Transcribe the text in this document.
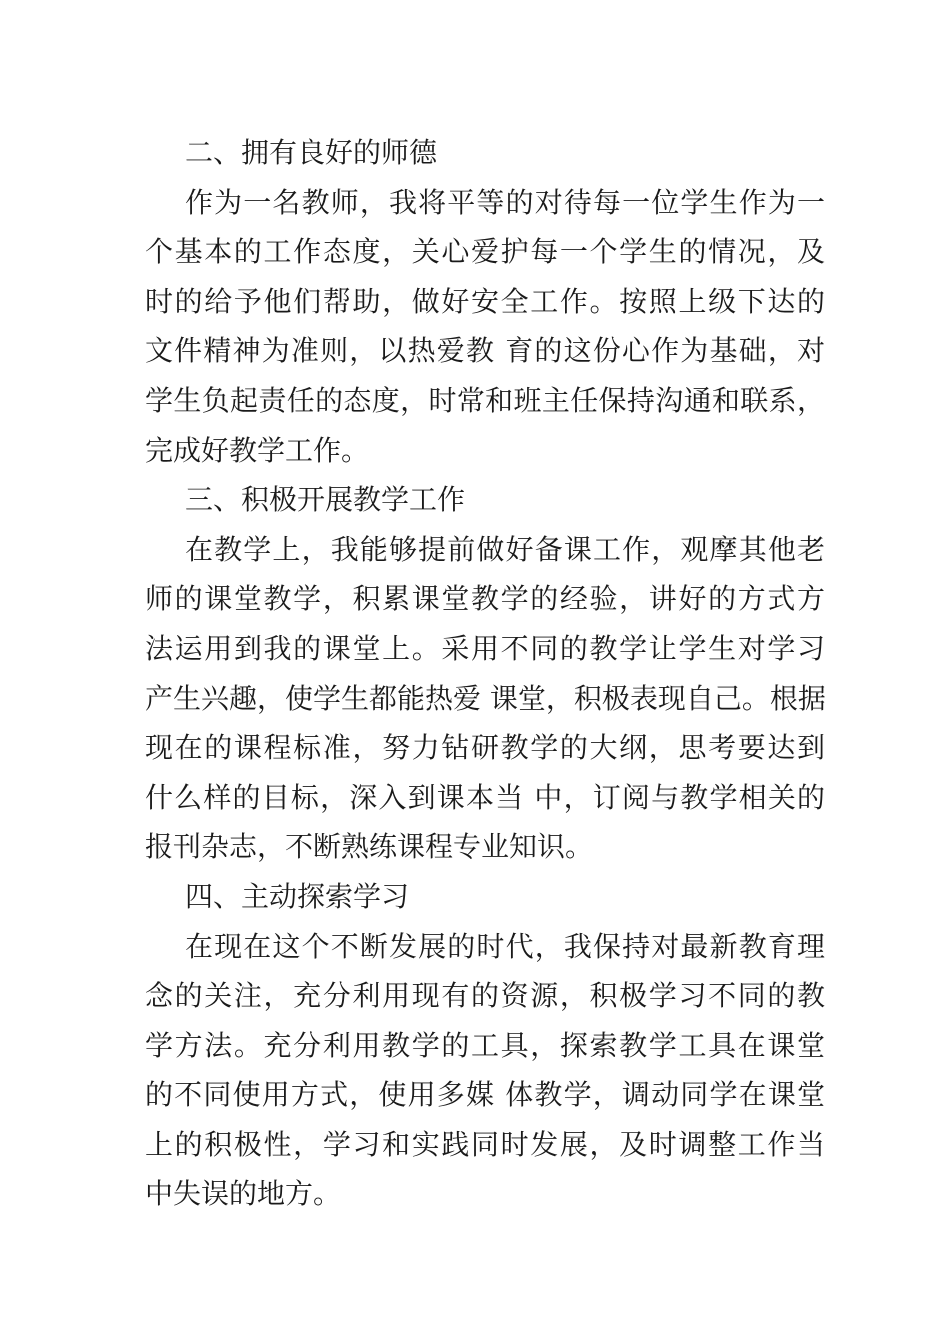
二、拥有良好的师德
作为一名教师，我将平等的对待每一位学生作为一
个基本的工作态度，关心爱护每一个学生的情况，及
时的给予他们帮助，做好安全工作。按照上级下达的
文件精神为准则，以热爱教 育的这份心作为基础，对
学生负起责任的态度，时常和班主任保持沟通和联系，
完成好教学工作。
三、积极开展教学工作
在教学上，我能够提前做好备课工作，观摩其他老
师的课堂教学，积累课堂教学的经验，讲好的方式方
法运用到我的课堂上。采用不同的教学让学生对学习
产生兴趣，使学生都能热爱 课堂，积极表现自己。根据
现在的课程标准，努力钻研教学的大纲，思考要达到
什么样的目标，深入到课本当 中，订阅与教学相关的
报刊杂志，不断熟练课程专业知识。
四、主动探索学习
在现在这个不断发展的时代，我保持对最新教育理
念的关注，充分利用现有的资源，积极学习不同的教
学方法。充分利用教学的工具，探索教学工具在课堂
的不同使用方式，使用多媒 体教学，调动同学在课堂
上的积极性，学习和实践同时发展，及时调整工作当
中失误的地方。
